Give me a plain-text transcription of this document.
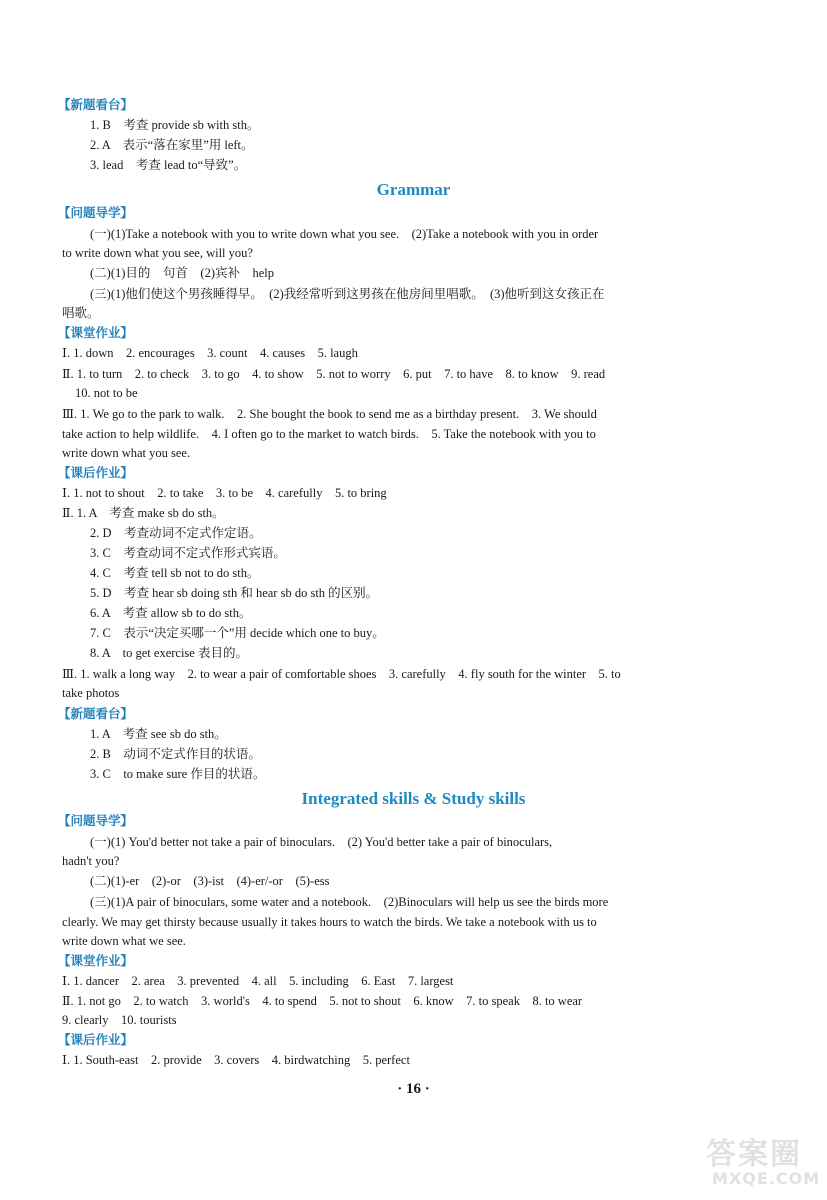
【新题看台】
1. B　考查 provide sb with sth。
2. A　表示“落在家里”用 left。
3. lead　考查 lead to“导致”。
Grammar
【问题导学】
(一)(1)Take a notebook with you to write down what you see.　(2)Take a notebook with you in order
to write down what you see, will you?
(二)(1)目的　句首　(2)宾补　help
(三)(1)他们使这个男孩睡得早。　(2)我经常听到这男孩在他房间里唱歌。　(3)他听到这女孩正在
唱歌。
【课堂作业】
Ⅰ. 1. down　2. encourages　3. count　4. causes　5. laugh
Ⅱ. 1. to turn　2. to check　3. to go　4. to show　5. not to worry　6. put　7. to have　8. to know　9. read
10. not to be
Ⅲ. 1. We go to the park to walk.　2. She bought the book to send me as a birthday present.　3. We should
take action to help wildlife.　4. I often go to the market to watch birds.　5. Take the notebook with you to
write down what you see.
【课后作业】
Ⅰ. 1. not to shout　2. to take　3. to be　4. carefully　5. to bring
Ⅱ. 1. A　考查 make sb do sth。
2. D　考查动词不定式作定语。
3. C　考查动词不定式作形式宾语。
4. C　考查 tell sb not to do sth。
5. D　考查 hear sb doing sth 和 hear sb do sth 的区别。
6. A　考查 allow sb to do sth。
7. C　表示“决定买哪一个”用 decide which one to buy。
8. A　to get exercise 表目的。
Ⅲ. 1. walk a long way　2. to wear a pair of comfortable shoes　3. carefully　4. fly south for the winter　5. to
take photos
【新题看台】
1. A　考查 see sb do sth。
2. B　动词不定式作目的状语。
3. C　to make sure 作目的状语。
Integrated skills & Study skills
【问题导学】
(一)(1) You'd better not take a pair of binoculars.　(2) You'd better take a pair of binoculars,
hadn't you?
(二)(1)-er　(2)-or　(3)-ist　(4)-er/-or　(5)-ess
(三)(1)A pair of binoculars, some water and a notebook.　(2)Binoculars will help us see the birds more
clearly. We may get thirsty because usually it takes hours to watch the birds. We take a notebook with us to
write down what we see.
【课堂作业】
Ⅰ. 1. dancer　2. area　3. prevented　4. all　5. including　6. East　7. largest
Ⅱ. 1. not go　2. to watch　3. world's　4. to spend　5. not to shout　6. know　7. to speak　8. to wear
9. clearly　10. tourists
【课后作业】
Ⅰ. 1. South-east　2. provide　3. covers　4. birdwatching　5. perfect
· 16 ·
答案圈
MXQE.COM
